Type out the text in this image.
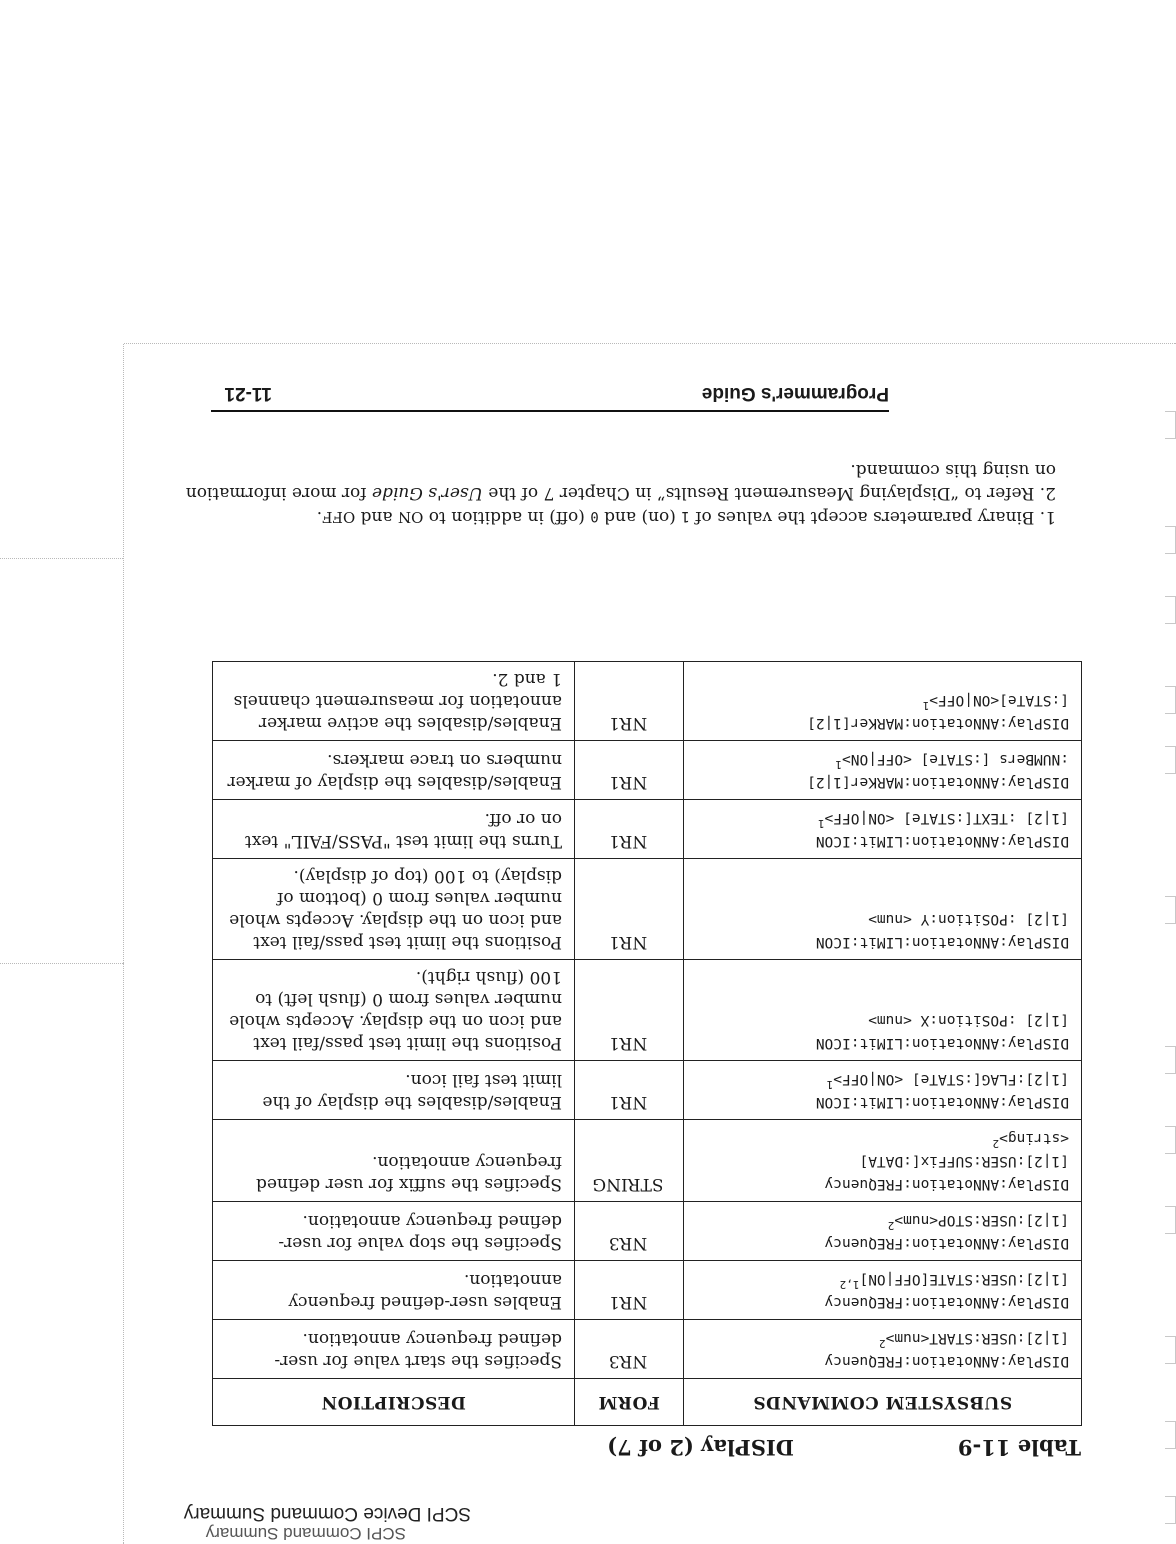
SCPI Command Summary
SCPI Device Command Summary
Table 11-9
DISPlay (2 of 7)
SUBSYSTEM COMMANDS	FORM	DESCRIPTION
DISPlay:ANNotation:FREQuency
[1|2]:USER:START<num>$^2$	NR3	Specifies the start value for user-defined frequency annotation.
DISPlay:ANNotation:FREQuency
$[1|2]:USER:STATE[OFF|ON]^{1,2}$	NR1	Enables user-defined frequency annotation.
DISPlay:ANNotation:FREQuency
[1|2]:USER:STOP<num>$^2$	NR3	Specifies the stop value for user-defined frequency annotation.
DISPlay:ANNotation:FREQuency
[1|2]:USER:SUFFix[:DATA]
<string>$^2$	STRING	Specifies the suffix for user defined frequency annotation.
DISPlay:ANNotation:LIMit:ICON
[1|2]:FLAG[:STATe] <ON|OFF>$^1$	NR1	Enables/disables the display of the limit test fail icon.
DISPlay:ANNotation:LIMit:ICON
[1|2] :POSition:X <num>	NR1	Positions the limit test pass/fail text and icon on the display. Accepts whole number values from 0 (flush left) to 100 (flush right).
DISPlay:ANNotation:LIMit:ICON
[1|2] :POSition:Y <num>	NR1	Positions the limit test pass/fail text and icon on the display. Accepts whole number values from 0 (bottom of display) to 100 (top of display).
DISPlay:ANNotation:LIMit:ICON
[1|2] :TEXT[:STATe] <ON|OFF>$^1$	NR1	Turns the limit test "PASS/FAIL" text on or off.
DISPlay:ANNotation:MARKer[1|2]
:NUMBers [:STATe] <OFF|ON>$^1$	NR1	Enables/disables the display of marker numbers on trace markers.
DISPlay:ANNotation:MARKer[1|2]
[:STATe]<ON|OFF>$^1$	NR1	Enables/disables the active marker annotation for measurement channels 1 and 2.

1. Binary parameters accept the values of 1 (on) and 0 (off) in addition to ON and OFF.

2. Refer to “Displaying Measurement Results” in Chapter 7 of the User's Guide for more information on using this command.

Programmer's Guide
11-21
